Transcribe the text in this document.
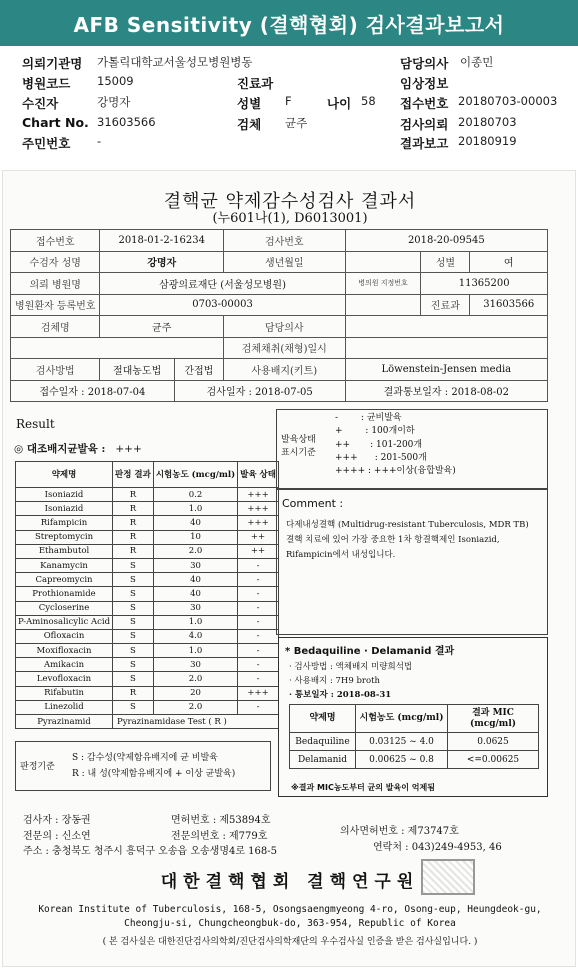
AFB Sensitivity (결핵협회) 검사결과보고서
의뢰기관명 가톨릭대학교서울성모병원병동	담당의사 이종민
병원코드 15009	진료과	임상정보
수진자	강명자	성별 F	나이 58 접수번호 20180703-00003
Chart No. 31603566	검체 균주	검사의뢰 20180703
주민번호 -	결과보고 20180919
결핵균 약제감수성검사 결과서
(누601나(1), D6013001)
접수번호	2018-01-2-16234		검사번호	2018-20-09545		
수검자 성명	강명자		생년월일		성별	여
의뢰 병원명	삼광의료재단 (서울성모병원)			병의원 지정번호	11365200	
병원환자 등록번호	0703-00003				진료과	31603566
검체명	균주		담당의사			
			검체채취(채형)일시			
검사방법	절대농도법	간접법	사용배지(키트)	Löwenstein-Jensen media		
접수일자 : 2018-07-04		검사일자 : 2018-07-05		결과통보일자 : 2018-08-02		
Result
◎ 대조배지균발육 : +++
약제명	판정 결과	시험농도 (mcg/ml)	발육 상태
Isoniazid	R	0.2	+++
Isoniazid	R	1.0	+++
Rifampicin	R	40	+++
Streptomycin	R	10	++
Ethambutol	R	2.0	++
Kanamycin	S	30	-
Capreomycin	S	40	-
Prothionamide	S	40	-
Cycloserine	S	30	-
P-Aminosalicylic Acid	S	1.0	-
Ofloxacin	S	4.0	-
Moxifloxacin	S	1.0	-
Amikacin	S	30	-
Levofloxacin	S	2.0	-
Rifabutin	R	20	+++
Linezolid	S	2.0	-
Pyrazinamid	Pyrazinamidase Test ( R )		
판정기준
S : 감수성(약제함유배지에 균 비발육
R : 내 성(약제함유배지에 + 이상 균발육)
발육상태
표시기준
-        : 균비발육
+        : 100개이하
++       : 101-200개
+++      : 201-500개
++++ : +++이상(융합발육)
Comment :
다제내성결핵 (Multidrug-resistant Tuberculosis, MDR TB)
결핵 치료에 있어 가장 중요한 1차 항결핵제인 Isoniazid, Rifampicin에서 내성입니다.
* Bedaquiline · Delamanid 결과
· 검사방법 : 액체배지 미량희석법
· 사용배지 : 7H9 broth
· 통보일자 : 2018-08-31
약제명	시험농도 (mcg/ml)	결과 MIC (mcg/ml)
Bedaquiline	0.03125 ~ 4.0	0.0625
Delamanid	0.00625 ~ 0.8	<=0.00625
※결과 MIC농도부터 균의 발육이 억제됨
검사자 : 장동권	면허번호 : 제53894호
전문의 : 신소연	전문의번호 : 제779호	의사면허번호 : 제73747호
주소 : 충청북도 청주시 흥덕구 오송읍 오송생명4로 168-5	연락처 : 043)249-4953, 46
대한결핵협회 결핵연구원
Korean Institute of Tuberculosis, 168-5, Osongsaengmyeong 4-ro, Osong-eup, Heungdeok-gu,
Cheongju-si, Chungcheongbuk-do, 363-954, Republic of Korea
( 본 검사실은 대한진단검사의학회/진단검사의학재단의 우수검사실 인증을 받은 검사실입니다. )
